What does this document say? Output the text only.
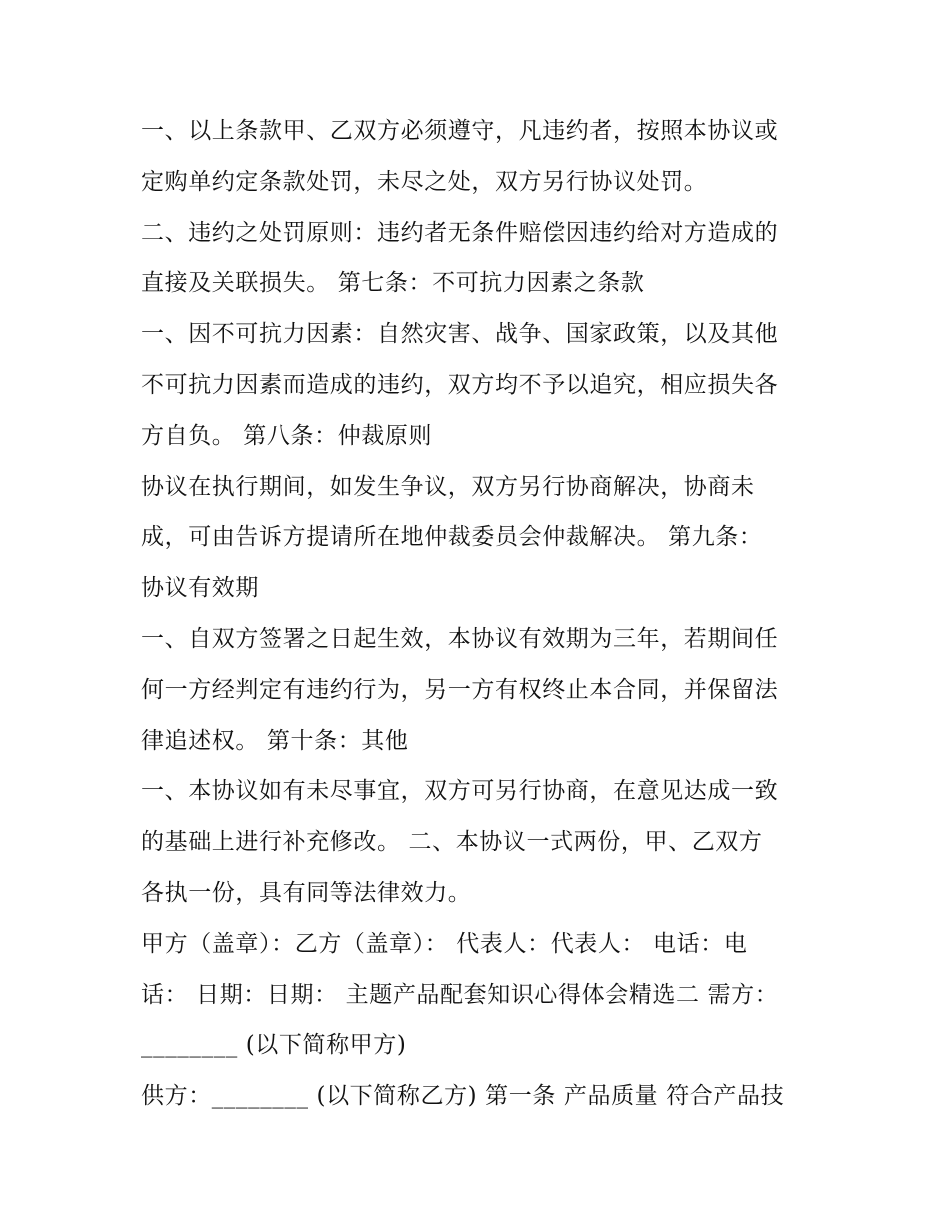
一、以上条款甲、乙双方必须遵守，凡违约者，按照本协议或
定购单约定条款处罚，未尽之处，双方另行协议处罚。
二、违约之处罚原则：违约者无条件赔偿因违约给对方造成的
直接及关联损失。 第七条：不可抗力因素之条款
一、因不可抗力因素：自然灾害、战争、国家政策，以及其他
不可抗力因素而造成的违约，双方均不予以追究，相应损失各
方自负。 第八条：仲裁原则
协议在执行期间，如发生争议，双方另行协商解决，协商未
成，可由告诉方提请所在地仲裁委员会仲裁解决。 第九条：
协议有效期
一、自双方签署之日起生效，本协议有效期为三年，若期间任
何一方经判定有违约行为，另一方有权终止本合同，并保留法
律追述权。 第十条：其他
一、本协议如有未尽事宜，双方可另行协商，在意见达成一致
的基础上进行补充修改。 二、本协议一式两份，甲、乙双方
各执一份，具有同等法律效力。
甲方（盖章）：乙方（盖章）： 代表人：代表人： 电话：电
话： 日期：日期： 主题产品配套知识心得体会精选二 需方：
________ (以下简称甲方)
供方：________ (以下简称乙方) 第一条 产品质量 符合产品技
